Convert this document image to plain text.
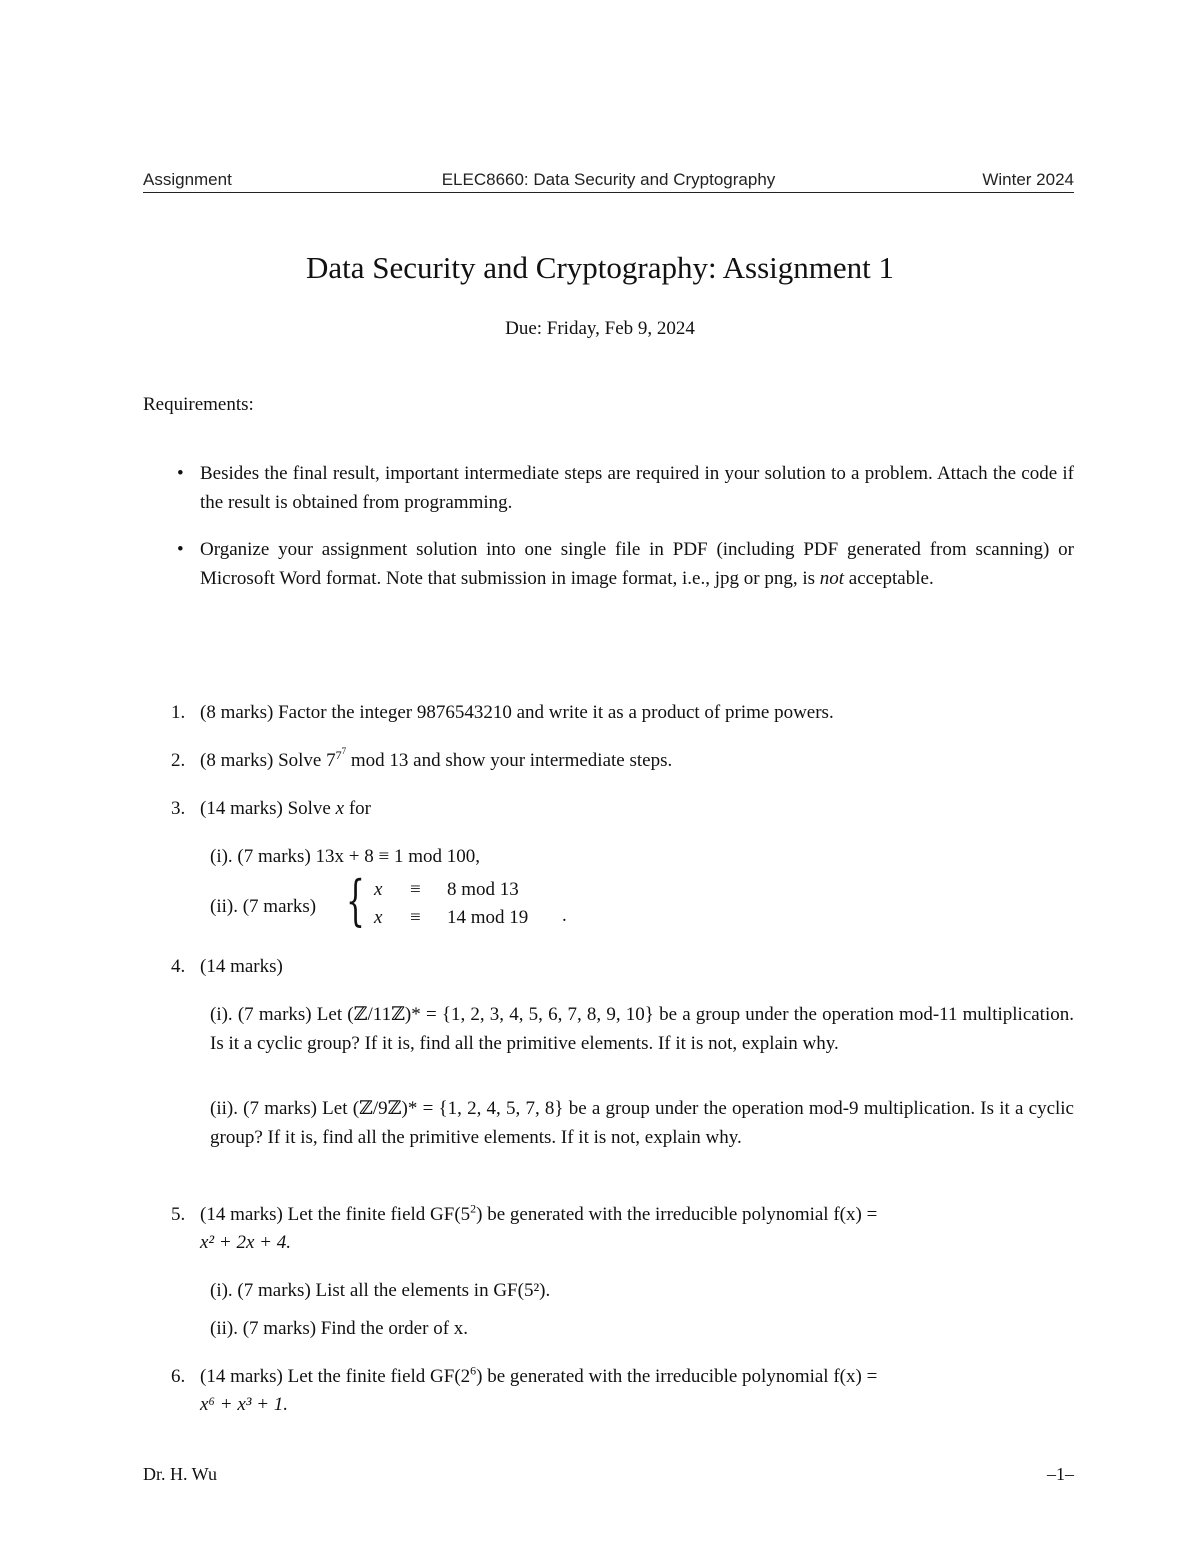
Assignment	ELEC8660: Data Security and Cryptography	Winter 2024
Data Security and Cryptography: Assignment 1
Due: Friday, Feb 9, 2024
Requirements:
• Besides the final result, important intermediate steps are required in your solution to a problem. Attach the code if the result is obtained from programming.
• Organize your assignment solution into one single file in PDF (including PDF generated from scanning) or Microsoft Word format. Note that submission in image format, i.e., jpg or png, is not acceptable.
1. (8 marks) Factor the integer 9876543210 and write it as a product of prime powers.
2. (8 marks) Solve $7^{7^7}$ mod 13 and show your intermediate steps.
3. (14 marks) Solve x for
(i). (7 marks) 13x + 8 ≡ 1 mod 100,
(ii). (7 marks) { x ≡ 8 mod 13
x ≡ 14 mod 19 .
4. (14 marks)
(i). (7 marks) Let (ℤ/11ℤ)* = {1, 2, 3, 4, 5, 6, 7, 8, 9, 10} be a group under the operation mod-11 multiplication. Is it a cyclic group? If it is, find all the primitive elements. If it is not, explain why.
(ii). (7 marks) Let (ℤ/9ℤ)* = {1, 2, 4, 5, 7, 8} be a group under the operation mod-9 multiplication. Is it a cyclic group? If it is, find all the primitive elements. If it is not, explain why.
5. (14 marks) Let the finite field $GF(5^2)$ be generated with the irreducible polynomial f(x) =
x² + 2x + 4.
(i). (7 marks) List all the elements in GF(5²).
(ii). (7 marks) Find the order of x.
6. (14 marks) Let the finite field $GF(2^6)$ be generated with the irreducible polynomial f(x) =
x⁶ + x³ + 1.
Dr. H. Wu	–1–
